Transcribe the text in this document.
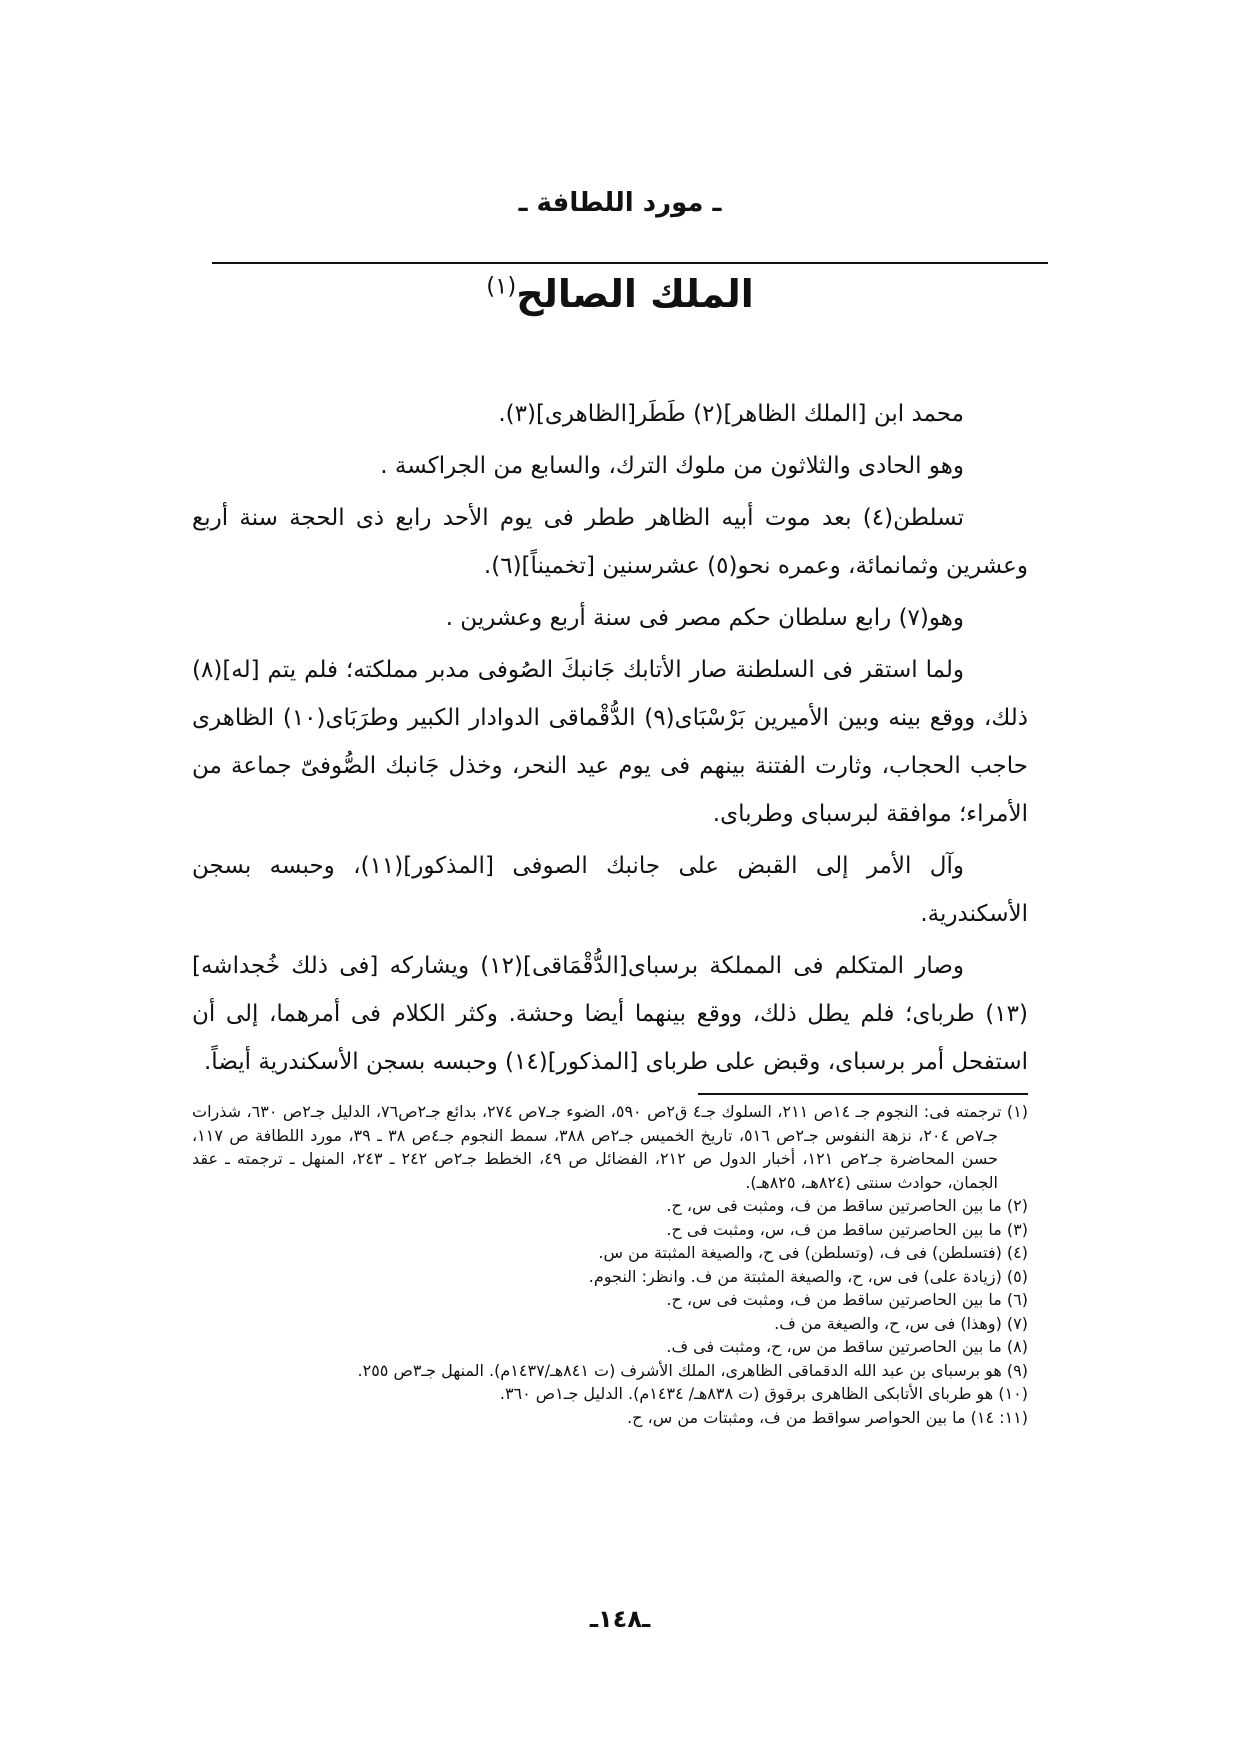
ـ مورد اللطافة ـ
الملك الصالح$^{(١)}$

محمد ابن [الملك الظاهر](٢) طَطَر[الظاهرى](٣).

وهو الحادى والثلاثون من ملوك الترك، والسابع من الجراكسة .

تسلطن(٤) بعد موت أبيه الظاهر ططر فى يوم الأحد رابع ذى الحجة سنة أربع وعشرين وثمانمائة، وعمره نحو(٥) عشرسنين [تخميناً](٦).

وهو(٧) رابع سلطان حكم مصر فى سنة أربع وعشرين .

ولما استقر فى السلطنة صار الأتابك جَانبكَ الصُوفى مدبر مملكته؛ فلم يتم [له](٨) ذلك، ووقع بينه وبين الأميرين بَرْسْبَاى(٩) الدُّقْماقى الدوادار الكبير وطرَبَاى(١٠) الظاهرى حاجب الحجاب، وثارت الفتنة بينهم فى يوم عيد النحر، وخذل جَانبك الصُّوفىّ جماعة من الأمراء؛ موافقة لبرسباى وطرباى.

وآل الأمر إلى القبض على جانبك الصوفى [المذكور](١١)، وحبسه بسجن الأسكندرية.

وصار المتكلم فى المملكة برسباى[الدُّقْمَاقى](١٢) ويشاركه [فى ذلك خُجداشه](١٣) طرباى؛ فلم يطل ذلك، ووقع بينهما أيضا وحشة. وكثر الكلام فى أمرهما، إلى أن استفحل أمر برسباى، وقبض على طرباى [المذكور](١٤) وحبسه بسجن الأسكندرية أيضاً.

(١) ترجمته فى: النجوم جـ ١٤ص ٢١١، السلوك جـ٤ ق٢ص ٥٩٠، الضوء جـ٧ص ٢٧٤، بدائع جـ٢ص٧٦، الدليل جـ٢ص ٦٣٠، شذرات جـ٧ص ٢٠٤، نزهة النفوس جـ٢ص ٥١٦، تاريخ الخميس جـ٢ص ٣٨٨، سمط النجوم جـ٤ص ٣٨ ـ ٣٩، مورد اللطافة ص ١١٧، حسن المحاضرة جـ٢ص ١٢١، أخبار الدول ص ٢١٢، الفضائل ص ٤٩، الخطط جـ٢ص ٢٤٢ ـ ٢٤٣، المنهل ـ ترجمته ـ عقد الجمان، حوادث سنتى (٨٢٤هـ، ٨٢٥هـ).

(٢) ما بين الحاصرتين ساقط من ف، ومثبت فى س، ح.

(٣) ما بين الحاصرتين ساقط من ف، س، ومثبت فى ح.

(٤) (فتسلطن) فى ف، (وتسلطن) فى ح، والصيغة المثبتة من س.

(٥) (زيادة على) فى س، ح، والصيغة المثبتة من ف. وانظر: النجوم.

(٦) ما بين الحاصرتين ساقط من ف، ومثبت فى س، ح.

(٧) (وهذا) فى س، ح، والصيغة من ف.

(٨) ما بين الحاصرتين ساقط من س، ح، ومثبت فى ف.

(٩) هو برسباى بن عبد الله الدقماقى الظاهرى، الملك الأشرف (ت ٨٤١هـ/١٤٣٧م). المنهل جـ٣ص ٢٥٥.

(١٠) هو طرباى الأتابكى الظاهرى برقوق (ت ٨٣٨هـ/ ١٤٣٤م). الدليل جـ١ص ٣٦٠.

(١١: ١٤) ما بين الحواصر سواقط من ف، ومثبتات من س، ح.

ـ١٤٨ـ
